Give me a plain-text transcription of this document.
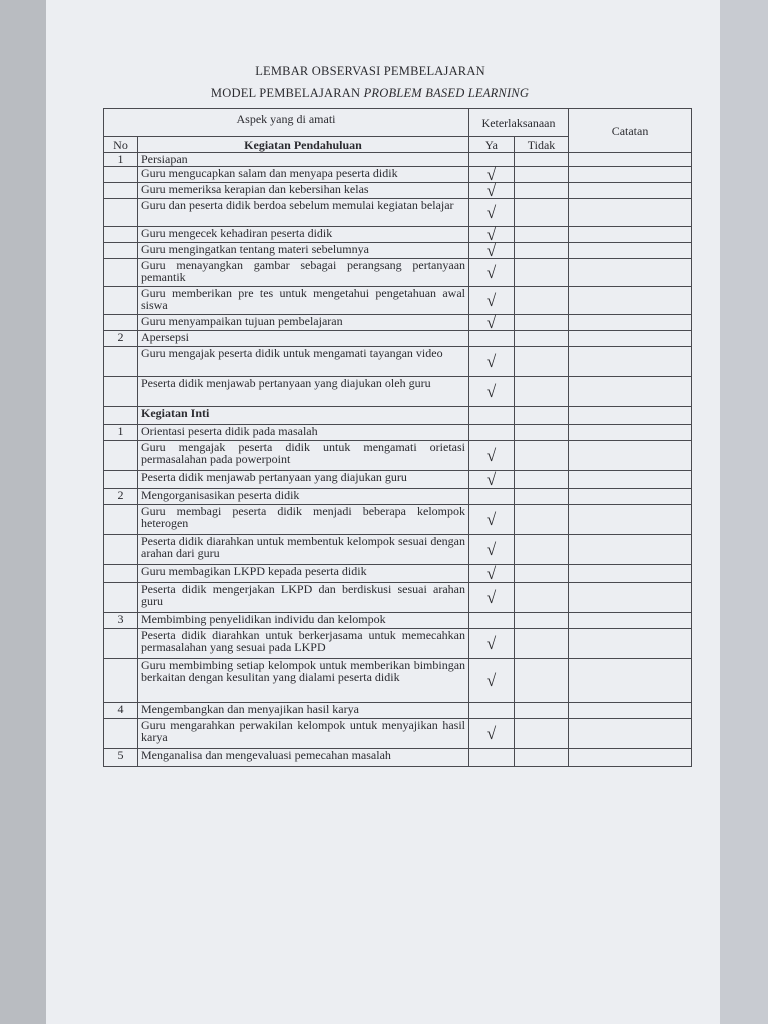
LEMBAR OBSERVASI PEMBELAJARAN
MODEL PEMBELAJARAN PROBLEM BASED LEARNING
Aspek yang di amati		Keterlaksanaan		Catatan
No	Kegiatan Pendahuluan	Ya	Tidak	
1	Persiapan			
	Guru mengucapkan salam dan menyapa peserta didik	√		
	Guru memeriksa kerapian dan kebersihan kelas	√		
	Guru dan peserta didik berdoa sebelum memulai kegiatan belajar	√		
	Guru mengecek kehadiran peserta didik	√		
	Guru mengingatkan tentang materi sebelumnya	√		
	Guru menayangkan gambar sebagai perangsang pertanyaan pemantik	√		
	Guru memberikan pre tes untuk mengetahui pengetahuan awal siswa	√		
	Guru menyampaikan tujuan pembelajaran	√		
2	Apersepsi			
	Guru mengajak peserta didik untuk mengamati tayangan video	√		
	Peserta didik menjawab pertanyaan yang diajukan oleh guru	√		
	Kegiatan Inti			
1	Orientasi peserta didik pada masalah			
	Guru mengajak peserta didik untuk mengamati orietasi permasalahan pada powerpoint	√		
	Peserta didik menjawab pertanyaan yang diajukan guru	√		
2	Mengorganisasikan peserta didik			
	Guru membagi peserta didik menjadi beberapa kelompok heterogen	√		
	Peserta didik diarahkan untuk membentuk kelompok sesuai dengan arahan dari guru	√		
	Guru membagikan LKPD kepada peserta didik	√		
	Peserta didik mengerjakan LKPD dan berdiskusi sesuai arahan guru	√		
3	Membimbing penyelidikan individu dan kelompok			
	Peserta didik diarahkan untuk berkerjasama untuk memecahkan permasalahan yang sesuai pada LKPD	√		
	Guru membimbing setiap kelompok untuk memberikan bimbingan berkaitan dengan kesulitan yang dialami peserta didik	√		
4	Mengembangkan dan menyajikan hasil karya			
	Guru mengarahkan perwakilan kelompok untuk menyajikan hasil karya	√		
5	Menganalisa dan mengevaluasi pemecahan masalah			
